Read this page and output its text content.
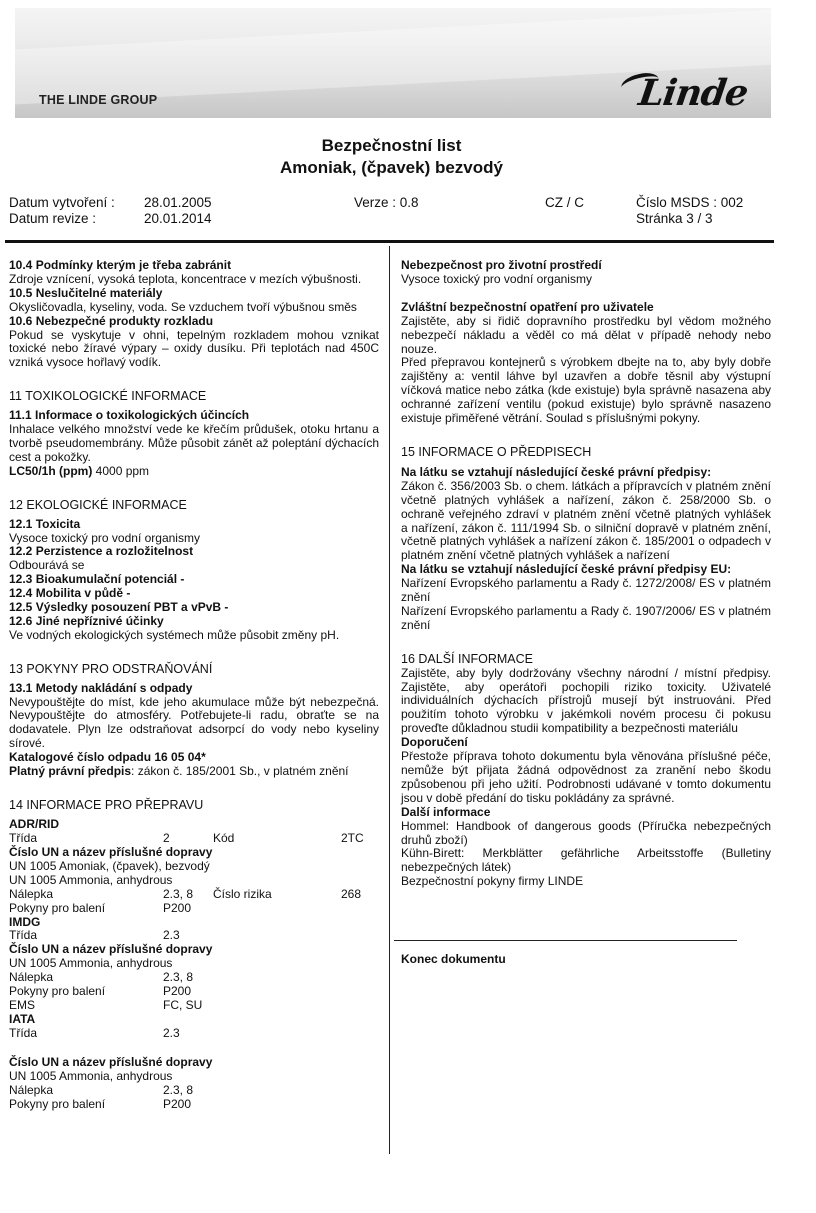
THE LINDE GROUP	Linde
Bezpečnostní list
Amoniak, (čpavek) bezvodý
Datum vytvoření : 28.01.2005
Datum revize :	20.01.2014
Verze : 0.8	CZ / C	Číslo MSDS : 002
Stránka 3 / 3

10.4 Podmínky kterým je třeba zabránit

Zdroje vznícení, vysoká teplota, koncentrace v mezích výbušnosti.

10.5 Neslučitelné materiály

Okysličovadla, kyseliny, voda. Se vzduchem tvoří výbušnou směs

10.6 Nebezpečné produkty rozkladu

Pokud se vyskytuje v ohni, tepelným rozkladem mohou vznikat toxické nebo žíravé výpary – oxidy dusíku. Při teplotách nad 450C vzniká vysoce hořlavý vodík.

11 TOXIKOLOGICKÉ INFORMACE

11.1 Informace o toxikologických účincích

Inhalace velkého množství vede ke křečím průdušek, otoku hrtanu a tvorbě pseudomembrány. Může působit zánět až poleptání dýchacích cest a pokožky.

LC50/1h (ppm) 4000 ppm

12 EKOLOGICKÉ INFORMACE

12.1 Toxicita

Vysoce toxický pro vodní organismy

12.2 Perzistence a rozložitelnost

Odbourává se

12.3 Bioakumulační potenciál -

12.4 Mobilita v půdě -

12.5 Výsledky posouzení PBT a vPvB -

12.6 Jiné nepříznivé účinky

Ve vodných ekologických systémech může působit změny pH.

13 POKYNY PRO ODSTRAŇOVÁNÍ

13.1 Metody nakládání s odpady

Nevypouštějte do míst, kde jeho akumulace může být nebezpečná. Nevypouštějte do atmosféry. Potřebujete-li radu, obraťte se na dodavatele. Plyn lze odstraňovat adsorpcí do vody nebo kyseliny sírové.

Katalogové číslo odpadu 16 05 04*

Platný právní předpis: zákon č. 185/2001 Sb., v platném znění

14 INFORMACE PRO PŘEPRAVU

ADR/RID

Třída	2	Kód	2TC

Číslo UN a název příslušné dopravy

UN 1005 Amoniak, (čpavek), bezvodý

UN 1005 Ammonia, anhydrous

Nálepka	2.3, 8 Číslo rizika	268
Pokyny pro balení	P200

IMDG

Třída	2.3

Číslo UN a název příslušné dopravy

UN 1005 Ammonia, anhydrous

Nálepka	2.3, 8
Pokyny pro balení	P200
EMS	FC, SU

IATA

Třída	2.3

Číslo UN a název příslušné dopravy

UN 1005 Ammonia, anhydrous

Nálepka	2.3, 8
Pokyny pro balení	P200

Nebezpečnost pro životní prostředí

Vysoce toxický pro vodní organismy

Zvláštní bezpečnostní opatření pro uživatele

Zajistěte, aby si řidič dopravního prostředku byl vědom možného nebezpečí nákladu a věděl co má dělat v případě nehody nebo nouze.

Před přepravou kontejnerů s výrobkem dbejte na to, aby byly dobře zajištěny a: ventil láhve byl uzavřen a dobře těsnil aby výstupní víčková matice nebo zátka (kde existuje) byla správně nasazena aby ochranné zařízení ventilu (pokud existuje) bylo správně nasazeno existuje přiměřené větrání. Soulad s příslušnými pokyny.

15 INFORMACE O PŘEDPISECH

Na látku se vztahují následující české právní předpisy:

Zákon č. 356/2003 Sb. o chem. látkách a přípravcích v platném znění včetně platných vyhlášek a nařízení, zákon č. 258/2000 Sb. o ochraně veřejného zdraví v platném znění včetně platných vyhlášek a nařízení, zákon č. 111/1994 Sb. o silniční dopravě v platném znění, včetně platných vyhlášek a nařízení zákon č. 185/2001 o odpadech v platném znění včetně platných vyhlášek a nařízení

Na látku se vztahují následující české právní předpisy EU:

Nařízení Evropského parlamentu a Rady č. 1272/2008/ ES v platném znění

Nařízení Evropského parlamentu a Rady č. 1907/2006/ ES v platném znění

16 DALŠÍ INFORMACE

Zajistěte, aby byly dodržovány všechny národní / místní předpisy. Zajistěte, aby operátoři pochopili riziko toxicity. Uživatelé individuálních dýchacích přístrojů musejí být instruováni. Před použitím tohoto výrobku v jakémkoli novém procesu či pokusu proveďte důkladnou studii kompatibility a bezpečnosti materiálu

Doporučení

Přestože příprava tohoto dokumentu byla věnována příslušné péče, nemůže být přijata žádná odpovědnost za zranění nebo škodu způsobenou při jeho užití. Podrobnosti udávané v tomto dokumentu jsou v době předání do tisku pokládány za správné.

Další informace

Hommel: Handbook of dangerous goods (Příručka nebezpečných druhů zboží)

Kühn-Birett: Merkblätter gefährliche Arbeitsstoffe (Bulletiny nebezpečných látek)

Bezpečnostní pokyny firmy LINDE

Konec dokumentu
